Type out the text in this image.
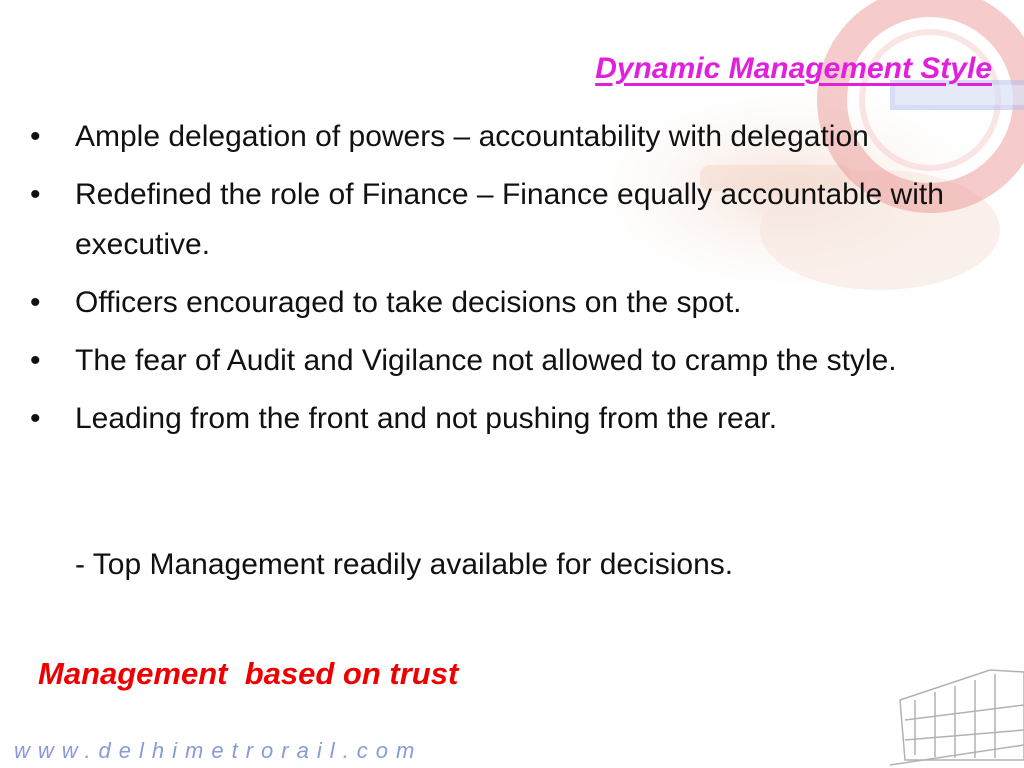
Dynamic Management Style
• Ample delegation of powers – accountability with delegation
• Redefined the role of Finance – Finance equally accountable with executive.
• Officers encouraged to take decisions on the spot.
• The fear of Audit and Vigilance not allowed to cramp the style.
• Leading from the front and not pushing from the rear.
- Top Management readily available for decisions.
Management  based on trust
www.delhimetrorail.com
